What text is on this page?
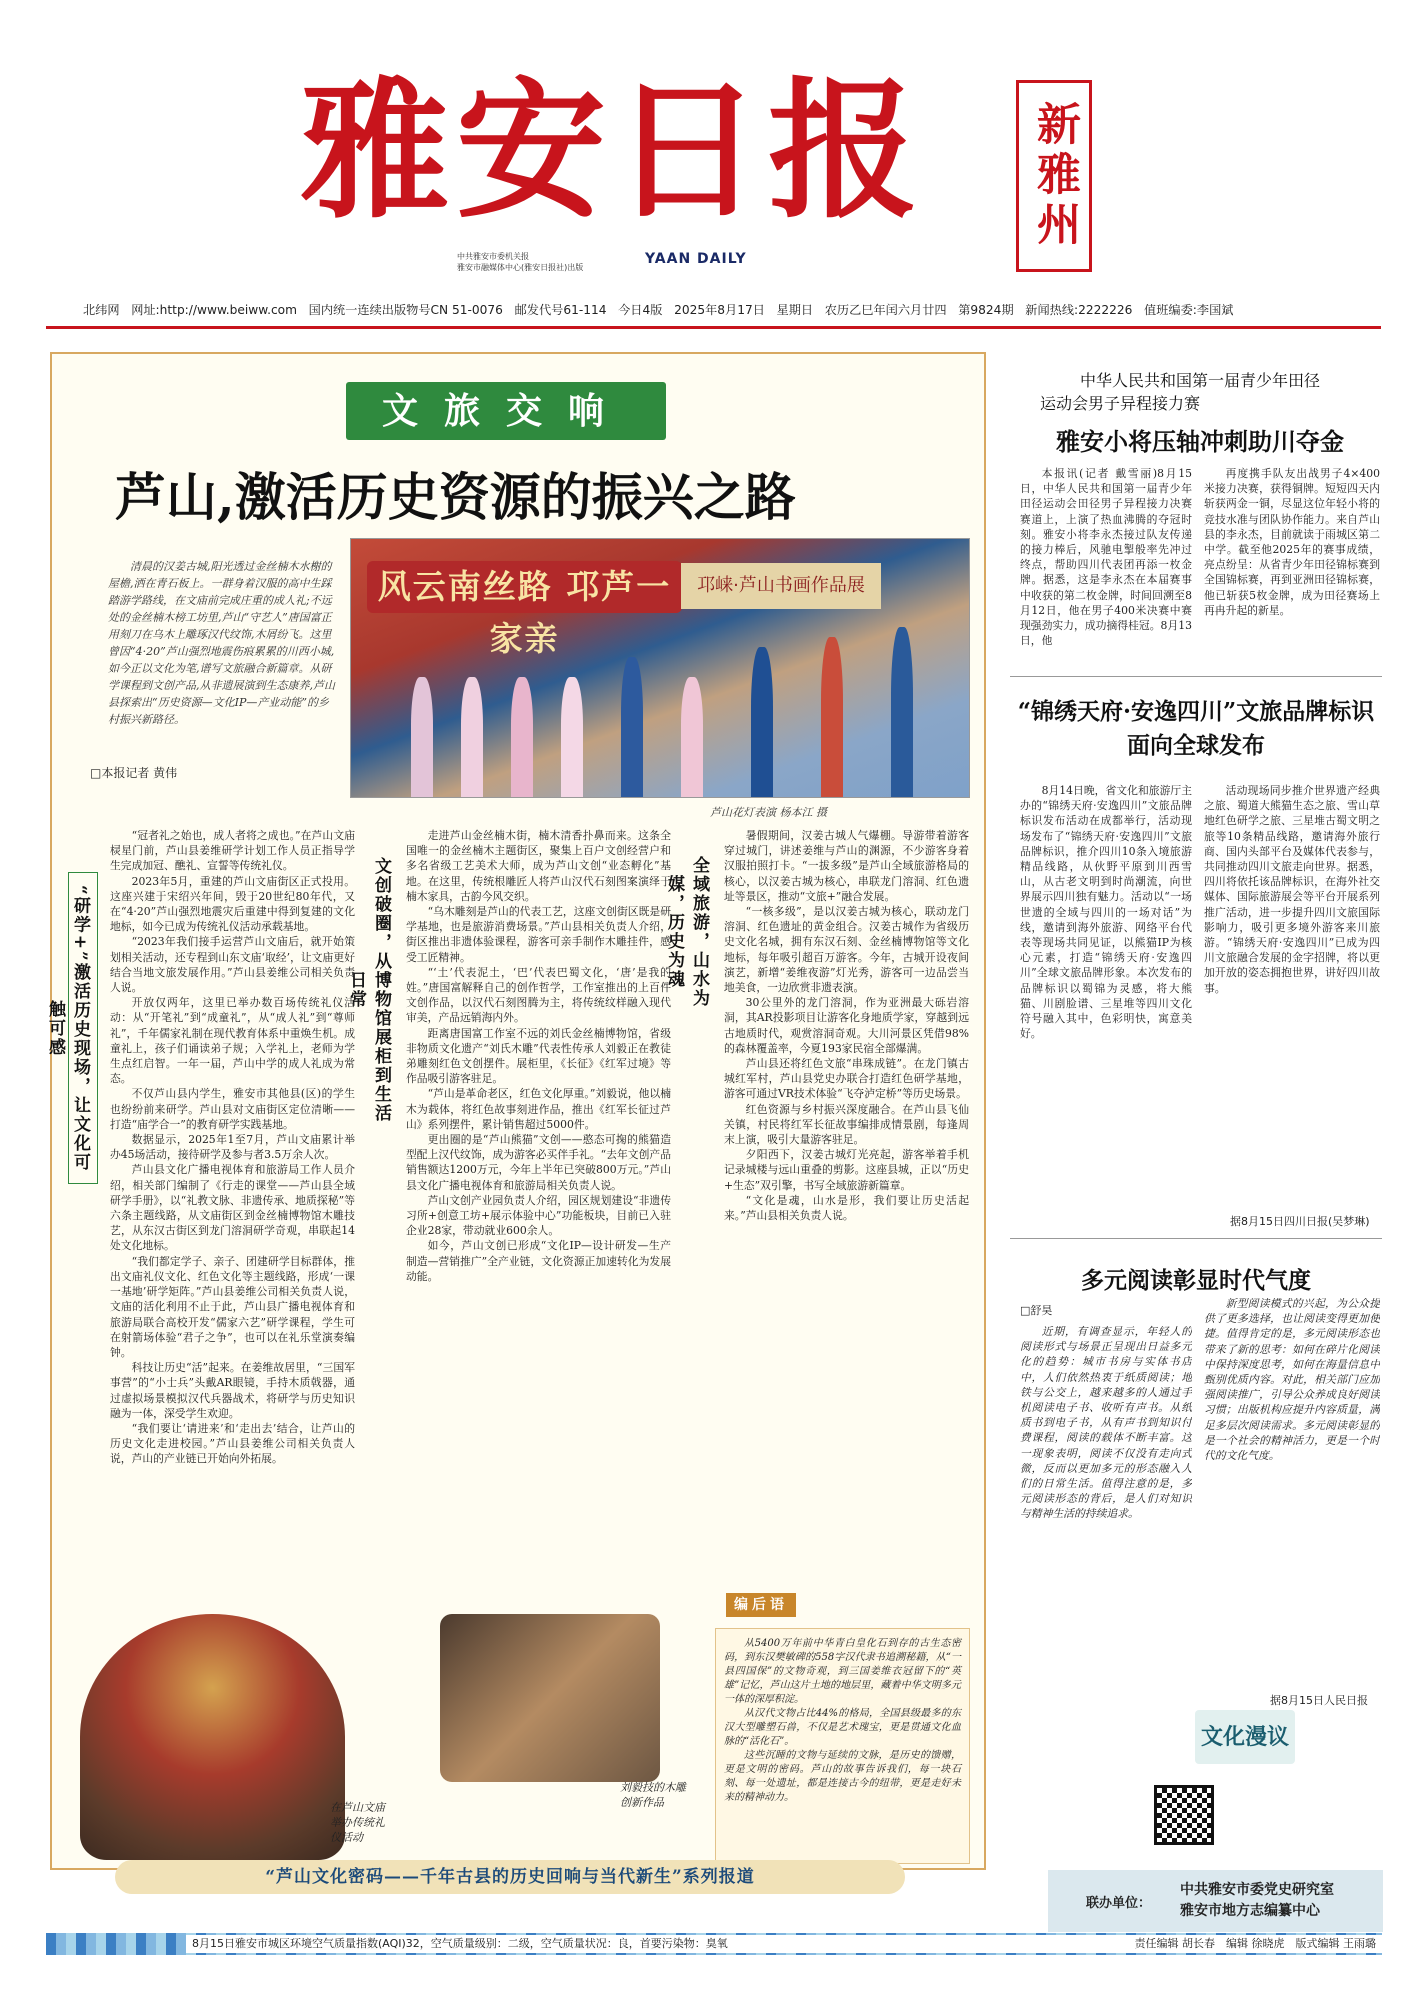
雅安日报 新雅州
中共雅安市委机关报
雅安市融媒体中心(雅安日报社)出版
YAAN DAILY
北纬网 网址:http://www.beiww.com 国内统一连续出版物号CN 51-0076 邮发代号61-114 今日4版 2025年8月17日 星期日 农历乙巳年闰六月廿四 第9824期 新闻热线:2222226 值班编委:李国斌
文旅交响
芦山,激活历史资源的振兴之路
清晨的汉姜古城,阳光透过金丝楠木水榭的屋檐,洒在青石板上。一群身着汉服的高中生踩踏游学路线，在文庙前完成庄重的成人礼;不远处的金丝楠木榜工坊里,芦山“守艺人”唐国富正用刻刀在乌木上雕琢汉代纹饰,木屑纷飞。这里曾因“4·20”芦山强烈地震伤痕累累的川西小城,如今正以文化为笔,谱写文旅融合新篇章。从研学课程到文创产品,从非遗展演到生态康养,芦山县探索出“历史资源—文化IP—产业动能”的乡村振兴新路径。
□本报记者 黄伟
风云南丝路 邛芦一家亲
邛崃·芦山书画作品展
芦山花灯表演 杨本江 摄
“研学+”激活历史现场，让文化可触可感	文创破圈，从博物馆展柜到生活日常	全域旅游，山水为媒，历史为魂

“冠者礼之始也，成人者将之成也。”在芦山文庙棂星门前，芦山县姜维研学计划工作人员正指导学生完成加冠、醮礼、宣誓等传统礼仪。

2023年5月，重建的芦山文庙街区正式投用。这座兴建于宋绍兴年间，毁于20世纪80年代，又在“4·20”芦山强烈地震灾后重建中得到复建的文化地标，如今已成为传统礼仪活动承载基地。

“2023年我们接手运营芦山文庙后，就开始策划相关活动，还专程到山东文庙‘取经’，让文庙更好结合当地文旅发展作用。”芦山县姜维公司相关负责人说。

开放仅两年，这里已举办数百场传统礼仪活动：从“开笔礼”到“成童礼”，从“成人礼”到“尊师礼”，千年儒家礼制在现代教育体系中重焕生机。成童礼上，孩子们诵读弟子规；入学礼上，老师为学生点红启智。一年一届，芦山中学的成人礼成为常态。

不仅芦山县内学生，雅安市其他县(区)的学生也纷纷前来研学。芦山县对文庙街区定位清晰——打造“庙学合一”的教育研学实践基地。

数据显示，2025年1至7月，芦山文庙累计举办45场活动，接待研学及参与者3.5万余人次。

芦山县文化广播电视体育和旅游局工作人员介绍，相关部门编制了《行走的课堂——芦山县全域研学手册》，以“礼教文脉、非遗传承、地质探秘”等六条主题线路，从文庙街区到金丝楠博物馆木雕技艺，从东汉古街区到龙门溶洞研学奇观，串联起14处文化地标。

“我们都定学子、亲子、团建研学目标群体，推出文庙礼仪文化、红色文化等主题线路，形成‘一课一基地’研学矩阵。”芦山县姜维公司相关负责人说，文庙的活化利用不止于此，芦山县广播电视体育和旅游局联合高校开发“儒家六艺”研学课程，学生可在射箭场体验“君子之争”，也可以在礼乐堂演奏编钟。

科技让历史“活”起来。在姜维故居里，“三国军事营”的“小士兵”头戴AR眼镜，手持木质戟器，通过虚拟场景模拟汉代兵器战术，将研学与历史知识融为一体，深受学生欢迎。

“我们要让‘请进来’和‘走出去’结合，让芦山的历史文化走进校园。”芦山县姜维公司相关负责人说，芦山的产业链已开始向外拓展。

走进芦山金丝楠木街，楠木清香扑鼻而来。这条全国唯一的金丝楠木主题街区，聚集上百户文创经营户和多名省级工艺美术大师，成为芦山文创“业态孵化”基地。在这里，传统根雕匠人将芦山汉代石刻图案演绎于楠木家具，古韵今风交织。

“乌木雕刻是芦山的代表工艺，这座文创街区既是研学基地，也是旅游消费场景。”芦山县相关负责人介绍，街区推出非遗体验课程，游客可亲手制作木雕挂件，感受工匠精神。

“‘土’代表泥土，‘巴’代表巴蜀文化，‘唐’是我的姓。”唐国富解释自己的创作哲学，工作室推出的上百件文创作品，以汉代石刻图腾为主，将传统纹样融入现代审美，产品远销海内外。

距离唐国富工作室不远的刘氏金丝楠博物馆，省级非物质文化遗产“刘氏木雕”代表性传承人刘毅正在教徒弟雕刻红色文创摆件。展柜里，《长征》《红军过境》等作品吸引游客驻足。

“芦山是革命老区，红色文化厚重。”刘毅说，他以楠木为载体，将红色故事刻进作品，推出《红军长征过芦山》系列摆件，累计销售超过5000件。

更出圈的是“芦山熊猫”文创——憨态可掬的熊猫造型配上汉代纹饰，成为游客必买伴手礼。“去年文创产品销售额达1200万元，今年上半年已突破800万元。”芦山县文化广播电视体育和旅游局相关负责人说。

芦山文创产业园负责人介绍，园区规划建设“非遗传习所+创意工坊+展示体验中心”功能板块，目前已入驻企业28家，带动就业600余人。

如今，芦山文创已形成“文化IP—设计研发—生产制造—营销推广”全产业链，文化资源正加速转化为发展动能。

暑假期间，汉姜古城人气爆棚。导游带着游客穿过城门，讲述姜维与芦山的渊源，不少游客身着汉服拍照打卡。“一拔多级”是芦山全域旅游格局的核心，以汉姜古城为核心，串联龙门溶洞、红色遗址等景区，推动“文旅+”融合发展。

“一核多级”，是以汉姜古城为核心，联动龙门溶洞、红色遗址的黄金组合。汉姜古城作为省级历史文化名城，拥有东汉石刻、金丝楠博物馆等文化地标，每年吸引超百万游客。今年，古城开设夜间演艺，新增“姜维夜游”灯光秀，游客可一边品尝当地美食，一边欣赏非遗表演。

30公里外的龙门溶洞，作为亚洲最大砾岩溶洞，其AR投影项目让游客化身地质学家，穿越到远古地质时代，观赏溶洞奇观。大川河景区凭借98%的森林覆盖率，今夏193家民宿全部爆满。

芦山县还将红色文旅“串珠成链”。在龙门镇古城红军村，芦山县党史办联合打造红色研学基地，游客可通过VR技术体验“飞夺泸定桥”等历史场景。

红色资源与乡村振兴深度融合。在芦山县飞仙关镇，村民将红军长征故事编排成情景剧，每逢周末上演，吸引大量游客驻足。

夕阳西下，汉姜古城灯光亮起，游客举着手机记录城楼与远山重叠的剪影。这座县城，正以“历史+生态”双引擎，书写全域旅游新篇章。

“文化是魂，山水是形，我们要让历史活起来。”芦山县相关负责人说。

在芦山文庙举办传统礼仪活动
刘毅技的木雕创新作品
编后语

从5400万年前中华青白皇化石到存的古生态密码，到东汉樊敏碑的558字汉代隶书追溯秘籍，从“一县四国保”的文物奇观，到三国姜维衣冠留下的“英雄”记忆，芦山这片土地的地层里，藏着中华文明多元一体的深厚积淀。

从汉代文物占比44%的格局，全国县级最多的东汉大型雕塑石兽，不仅是艺术瑰宝，更是贯通文化血脉的“活化石”。

这些沉睡的文物与延续的文脉，是历史的馈赠，更是文明的密码。芦山的故事告诉我们，每一块石刻、每一处遗址，都是连接古今的纽带，更是走好未来的精神动力。

“芦山文化密码——千年古县的历史回响与当代新生”系列报道
中华人民共和国第一届青少年田径
运动会男子异程接力赛
雅安小将压轴冲刺助川夺金

本报讯(记者 戴雪丽)8月15日，中华人民共和国第一届青少年田径运动会田径男子异程接力决赛赛道上，上演了热血沸腾的夺冠时刻。雅安小将李永杰接过队友传递的接力棒后，风驰电掣般率先冲过终点，帮助四川代表团再添一枚金牌。据悉，这是李永杰在本届赛事中收获的第二枚金牌，时间回溯至8月12日，他在男子400米决赛中赛现强劲实力，成功摘得桂冠。8月13日，他

再度携手队友出战男子4×400米接力决赛，获得铜牌。短短四天内斩获两金一铜，尽显这位年轻小将的竞技水准与团队协作能力。来自芦山县的李永杰，目前就读于雨城区第二中学。截至他2025年的赛事成绩，亮点纷呈：从省青少年田径锦标赛到全国锦标赛，再到亚洲田径锦标赛，他已斩获5枚金牌，成为田径赛场上再冉升起的新星。

“锦绣天府·安逸四川”文旅品牌标识
面向全球发布

8月14日晚，省文化和旅游厅主办的“锦绣天府·安逸四川”文旅品牌标识发布活动在成都举行，活动现场发布了“锦绣天府·安逸四川”文旅品牌标识，推介四川10条入境旅游精品线路，从伙野平原到川西雪山，从古老文明到时尚潮流，向世界展示四川独有魅力。活动以“一场世遗的全域与四川的一场对话”为线，邀请到海外旅游、网络平台代表等现场共同见证，以熊猫IP为核心元素，打造“锦绣天府·安逸四川”全球文旅品牌形象。本次发布的品牌标识以蜀锦为灵感，将大熊猫、川剧脸谱、三星堆等四川文化符号融入其中，色彩明快，寓意美好。

活动现场同步推介世界遗产经典之旅、蜀道大熊猫生态之旅、雪山草地红色研学之旅、三星堆古蜀文明之旅等10条精品线路，邀请海外旅行商、国内头部平台及媒体代表参与，共同推动四川文旅走向世界。据悉，四川将依托该品牌标识，在海外社交媒体、国际旅游展会等平台开展系列推广活动，进一步提升四川文旅国际影响力，吸引更多境外游客来川旅游。“锦绣天府·安逸四川”已成为四川文旅融合发展的金字招牌，将以更加开放的姿态拥抱世界，讲好四川故事。

据8月15日四川日报(吴梦琳)
多元阅读彰显时代气度
□舒昊

近期，有调查显示，年轻人的阅读形式与场景正呈现出日益多元化的趋势：城市书房与实体书店中，人们依然热衷于纸质阅读；地铁与公交上，越来越多的人通过手机阅读电子书、收听有声书。从纸质书到电子书，从有声书到知识付费课程，阅读的载体不断丰富。这一现象表明，阅读不仅没有走向式微，反而以更加多元的形态融入人们的日常生活。值得注意的是，多元阅读形态的背后，是人们对知识与精神生活的持续追求。

新型阅读模式的兴起，为公众提供了更多选择，也让阅读变得更加便捷。值得肯定的是，多元阅读形态也带来了新的思考：如何在碎片化阅读中保持深度思考，如何在海量信息中甄别优质内容。对此，相关部门应加强阅读推广，引导公众养成良好阅读习惯；出版机构应提升内容质量，满足多层次阅读需求。多元阅读彰显的是一个社会的精神活力，更是一个时代的文化气度。

据8月15日人民日报
文化漫议
联办单位：
中共雅安市委党史研究室
雅安市地方志编纂中心
8月15日雅安市城区环境空气质量指数(AQI)32，空气质量级别：二级，空气质量状况：良，首要污染物：臭氧	责任编辑 胡长春　编辑 徐晓虎　版式编辑 王雨璐
